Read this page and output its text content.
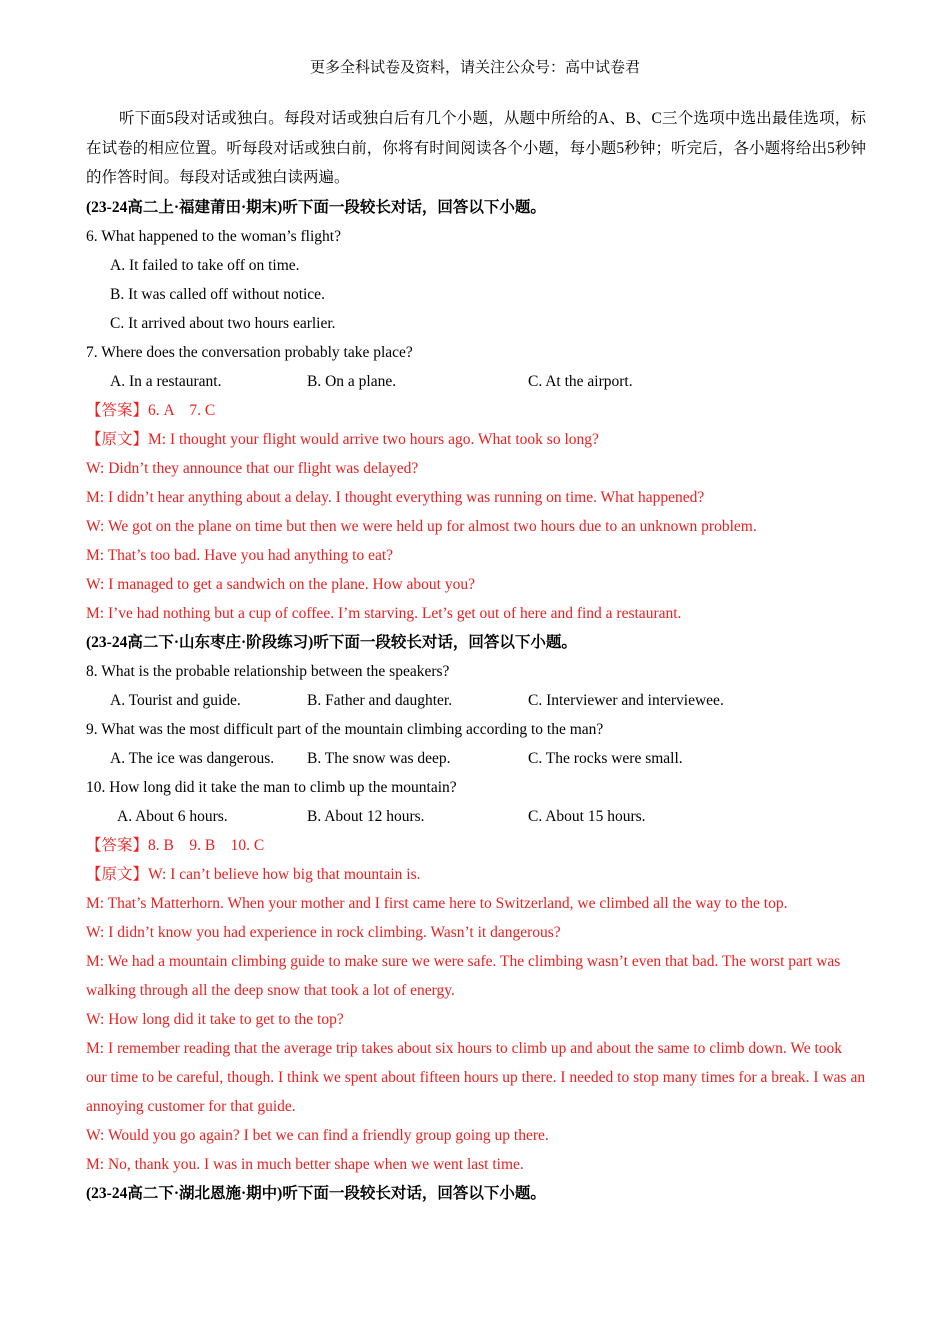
更多全科试卷及资料，请关注公众号：高中试卷君
听下面5段对话或独白。每段对话或独白后有几个小题，从题中所给的A、B、C三个选项中选出最佳选项，标在试卷的相应位置。听每段对话或独白前，你将有时间阅读各个小题，每小题5秒钟；听完后，各小题将给出5秒钟的作答时间。每段对话或独白读两遍。
(23-24高二上·福建莆田·期末)听下面一段较长对话，回答以下小题。
6. What happened to the woman’s flight?
A. It failed to take off on time.
B. It was called off without notice.
C. It arrived about two hours earlier.
7. Where does the conversation probably take place?
A. In a restaurant.	B. On a plane.	C. At the airport.
【答案】6. A　7. C
【原文】M: I thought your flight would arrive two hours ago. What took so long?
W: Didn’t they announce that our flight was delayed?
M: I didn’t hear anything about a delay. I thought everything was running on time. What happened?
W: We got on the plane on time but then we were held up for almost two hours due to an unknown problem.
M: That’s too bad. Have you had anything to eat?
W: I managed to get a sandwich on the plane. How about you?
M: I’ve had nothing but a cup of coffee. I’m starving. Let’s get out of here and find a restaurant.
(23-24高二下·山东枣庄·阶段练习)听下面一段较长对话，回答以下小题。
8. What is the probable relationship between the speakers?
A. Tourist and guide.	B. Father and daughter.	C. Interviewer and interviewee.
9. What was the most difficult part of the mountain climbing according to the man?
A. The ice was dangerous.	B. The snow was deep.	C. The rocks were small.
10. How long did it take the man to climb up the mountain?
A. About 6 hours.	B. About 12 hours.	C. About 15 hours.
【答案】8. B　9. B　10. C
【原文】W: I can’t believe how big that mountain is.
M: That’s Matterhorn. When your mother and I first came here to Switzerland, we climbed all the way to the top.
W: I didn’t know you had experience in rock climbing. Wasn’t it dangerous?
M: We had a mountain climbing guide to make sure we were safe. The climbing wasn’t even that bad. The worst part was walking through all the deep snow that took a lot of energy.
W: How long did it take to get to the top?
M: I remember reading that the average trip takes about six hours to climb up and about the same to climb down. We took our time to be careful, though. I think we spent about fifteen hours up there. I needed to stop many times for a break. I was an annoying customer for that guide.
W: Would you go again? I bet we can find a friendly group going up there.
M: No, thank you. I was in much better shape when we went last time.
(23-24高二下·湖北恩施·期中)听下面一段较长对话，回答以下小题。
